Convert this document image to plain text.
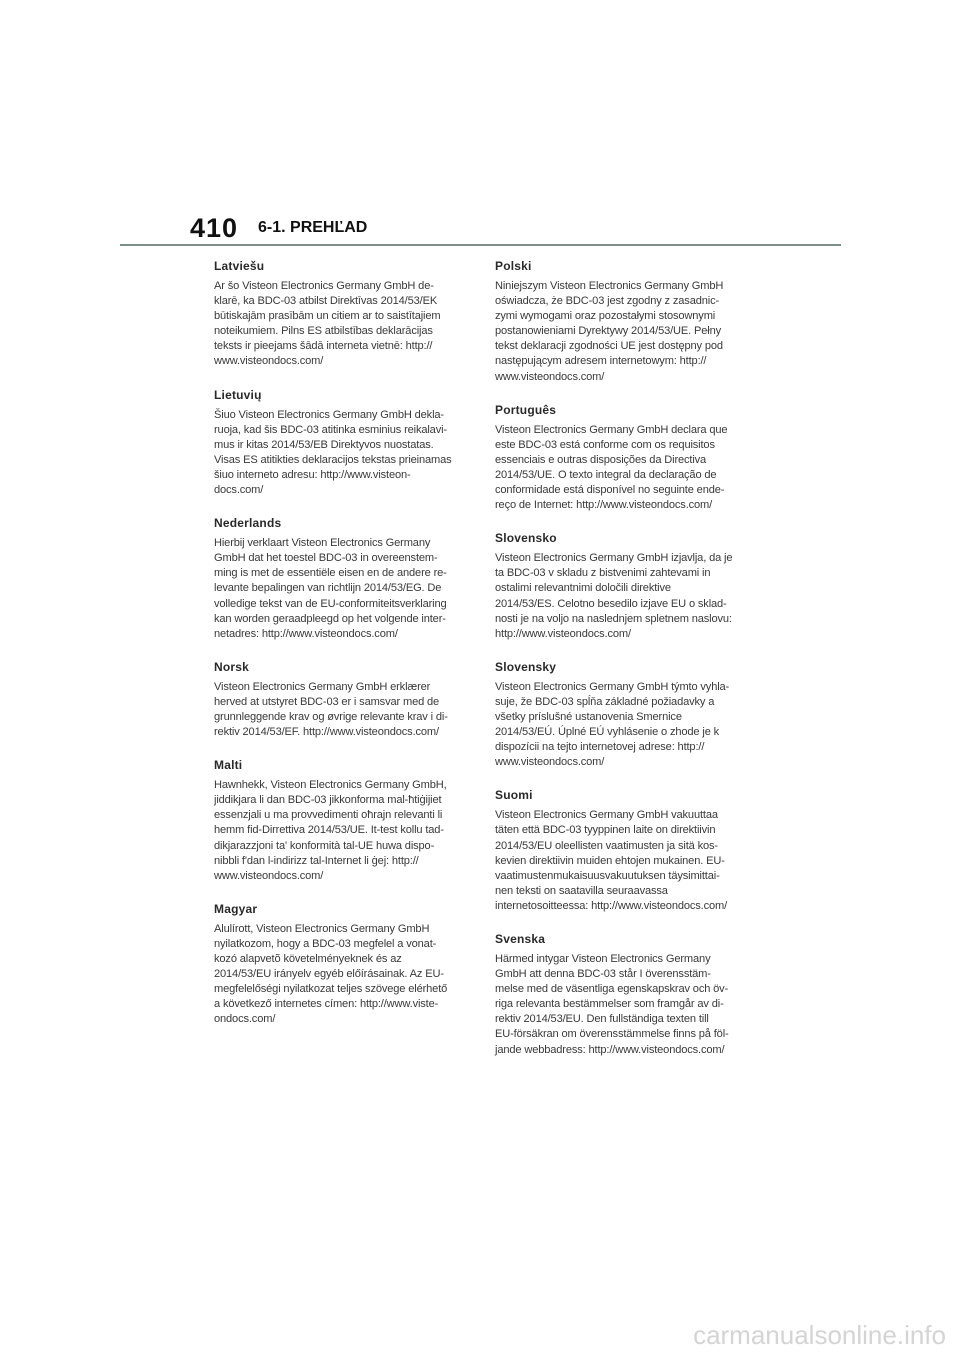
410 6-1. PREHĽAD
Latviešu
Ar šo Visteon Electronics Germany GmbH de-
klarē, ka BDC-03 atbilst Direktīvas 2014/53/EK
būtiskajām prasībām un citiem ar to saistītajiem
noteikumiem. Pilns ES atbilstības deklarācijas
teksts ir pieejams šādā interneta vietnē: http://
www.visteondocs.com/
Lietuvių
Šiuo Visteon Electronics Germany GmbH dekla-
ruoja, kad šis BDC-03 atitinka esminius reikalavi-
mus ir kitas 2014/53/EB Direktyvos nuostatas.
Visas ES atitikties deklaracijos tekstas prieinamas
šiuo interneto adresu: http://www.visteon-
docs.com/
Nederlands
Hierbij verklaart Visteon Electronics Germany
GmbH dat het toestel BDC-03 in overeenstem-
ming is met de essentiële eisen en de andere re-
levante bepalingen van richtlijn 2014/53/EG. De
volledige tekst van de EU-conformiteitsverklaring
kan worden geraadpleegd op het volgende inter-
netadres: http://www.visteondocs.com/
Norsk
Visteon Electronics Germany GmbH erklærer
herved at utstyret BDC-03 er i samsvar med de
grunnleggende krav og øvrige relevante krav i di-
rektiv 2014/53/EF. http://www.visteondocs.com/
Malti
Hawnhekk, Visteon Electronics Germany GmbH,
jiddikjara li dan BDC-03 jikkonforma mal-ħtiġijiet
essenzjali u ma provvedimenti oħrajn relevanti li
hemm fid-Dirrettiva 2014/53/UE. It-test kollu tad-
dikjarazzjoni ta' konformità tal-UE huwa dispo-
nibbli f'dan l-indirizz tal-Internet li ġej: http://
www.visteondocs.com/
Magyar
Alulírott, Visteon Electronics Germany GmbH
nyilatkozom, hogy a BDC-03 megfelel a vonat-
kozó alapvetõ követelményeknek és az
2014/53/EU irányelv egyéb előírásainak. Az EU-
megfelelőségi nyilatkozat teljes szövege elérhető
a következő internetes címen: http://www.viste-
ondocs.com/
Polski
Niniejszym Visteon Electronics Germany GmbH
oświadcza, że BDC-03 jest zgodny z zasadnic-
zymi wymogami oraz pozostałymi stosownymi
postanowieniami Dyrektywy 2014/53/UE. Pełny
tekst deklaracji zgodności UE jest dostępny pod
następującym adresem internetowym: http://
www.visteondocs.com/
Português
Visteon Electronics Germany GmbH declara que
este BDC-03 está conforme com os requisitos
essenciais e outras disposições da Directiva
2014/53/UE. O texto integral da declaração de
conformidade está disponível no seguinte ende-
reço de Internet: http://www.visteondocs.com/
Slovensko
Visteon Electronics Germany GmbH izjavlja, da je
ta BDC-03 v skladu z bistvenimi zahtevami in
ostalimi relevantnimi določili direktive
2014/53/ES. Celotno besedilo izjave EU o sklad-
nosti je na voljo na naslednjem spletnem naslovu:
http://www.visteondocs.com/
Slovensky
Visteon Electronics Germany GmbH týmto vyhla-
suje, že BDC-03 spĺňa základné požiadavky a
všetky príslušné ustanovenia Smernice
2014/53/EÚ. Úplné EÚ vyhlásenie o zhode je k
dispozícii na tejto internetovej adrese: http://
www.visteondocs.com/
Suomi
Visteon Electronics Germany GmbH vakuuttaa
täten että BDC-03 tyyppinen laite on direktiivin
2014/53/EU oleellisten vaatimusten ja sitä kos-
kevien direktiivin muiden ehtojen mukainen. EU-
vaatimustenmukaisuusvakuutuksen täysimittai-
nen teksti on saatavilla seuraavassa
internetosoitteessa: http://www.visteondocs.com/
Svenska
Härmed intygar Visteon Electronics Germany
GmbH att denna BDC-03 står I överensstäm-
melse med de väsentliga egenskapskrav och öv-
riga relevanta bestämmelser som framgår av di-
rektiv 2014/53/EU. Den fullständiga texten till
EU-försäkran om överensstämmelse finns på föl-
jande webbadress: http://www.visteondocs.com/
carmanualsonline.info
